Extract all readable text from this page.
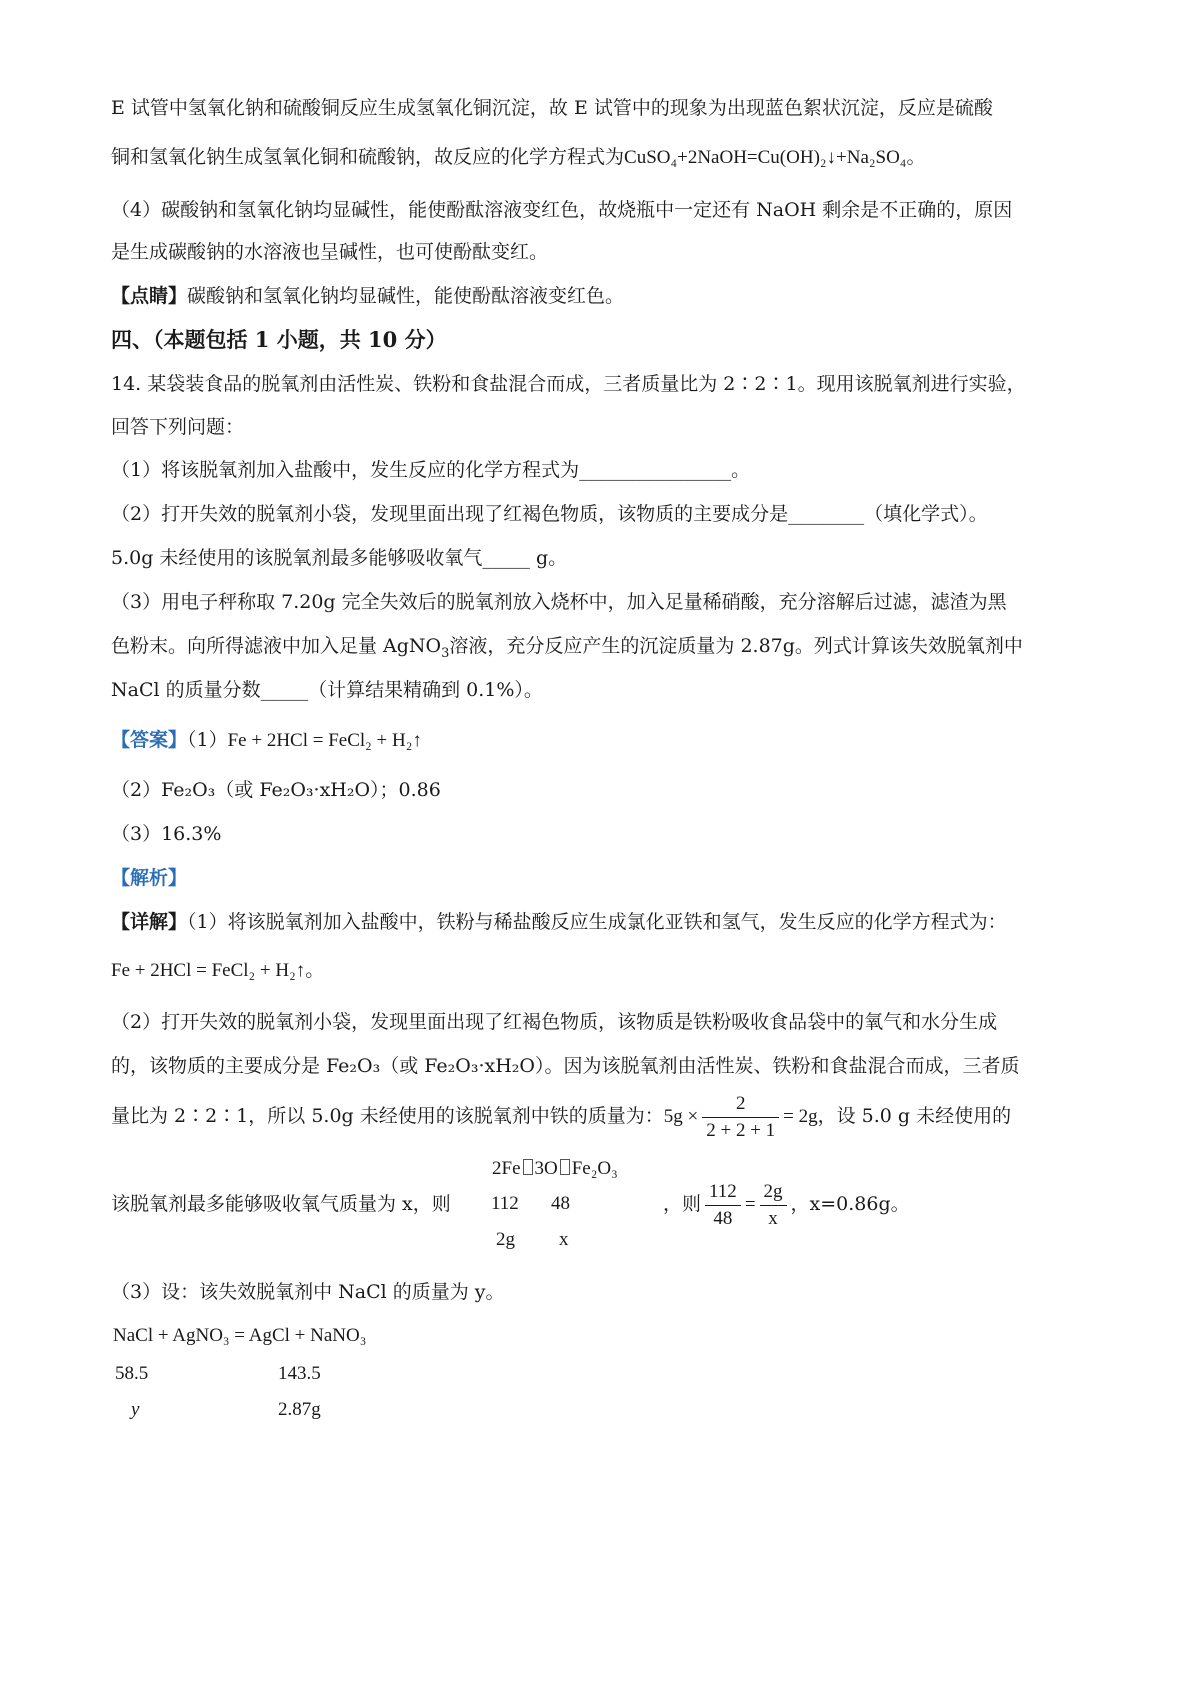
E 试管中氢氧化钠和硫酸铜反应生成氢氧化铜沉淀，故 E 试管中的现象为出现蓝色絮状沉淀，反应是硫酸
铜和氢氧化钠生成氢氧化铜和硫酸钠，故反应的化学方程式为CuSO₄+2NaOH=Cu(OH)₂↓+Na₂SO₄。
（4）碳酸钠和氢氧化钠均显碱性，能使酚酞溶液变红色，故烧瓶中一定还有 NaOH 剩余是不正确的，原因
是生成碳酸钠的水溶液也呈碱性，也可使酚酞变红。
【点睛】碳酸钠和氢氧化钠均显碱性，能使酚酞溶液变红色。
四、（本题包括 1 小题，共 10 分）
14. 某袋装食品的脱氧剂由活性炭、铁粉和食盐混合而成，三者质量比为 2∶2∶1。现用该脱氧剂进行实验，
回答下列问题：
（1）将该脱氧剂加入盐酸中，发生反应的化学方程式为________________。
（2）打开失效的脱氧剂小袋，发现里面出现了红褐色物质，该物质的主要成分是________（填化学式）。
5.0g 未经使用的该脱氧剂最多能够吸收氧气_____ g。
（3）用电子秤称取 7.20g 完全失效后的脱氧剂放入烧杯中，加入足量稀硝酸，充分溶解后过滤，滤渣为黑
色粉末。向所得滤液中加入足量 AgNO$_3$溶液，充分反应产生的沉淀质量为 2.87g。列式计算该失效脱氧剂中
NaCl 的质量分数_____（计算结果精确到 0.1%）。
【答案】（1）Fe + 2HCl = FeCl₂ + H₂↑
（2）Fe₂O₃（或 Fe₂O₃·xH₂O）；0.86
（3）16.3%
【解析】
【详解】（1）将该脱氧剂加入盐酸中，铁粉与稀盐酸反应生成氯化亚铁和氢气，发生反应的化学方程式为：
Fe + 2HCl = FeCl₂ + H₂↑。
（2）打开失效的脱氧剂小袋，发现里面出现了红褐色物质，该物质是铁粉吸收食品袋中的氧气和水分生成
的，该物质的主要成分是 Fe₂O₃（或 Fe₂O₃·xH₂O）。因为该脱氧剂由活性炭、铁粉和食盐混合而成，三者质
量比为 2∶2∶1，所以 5.0g 未经使用的该脱氧剂中铁的质量为：$5g \times \frac{2}{2 + 2 + 1} = 2g$，设 5.0 g 未经使用的
2Fe 3O Fe₂O₃
该脱氧剂最多能够吸收氧气质量为 x，则 112 48
2g x
，则 $\frac{112}{48} = \frac{2g}{x}$ ，x=0.86g。
（3）设：该失效脱氧剂中 NaCl 的质量为 y。
NaCl + AgNO₃ = AgCl + NaNO₃
58.5	143.5
y	2.87g
